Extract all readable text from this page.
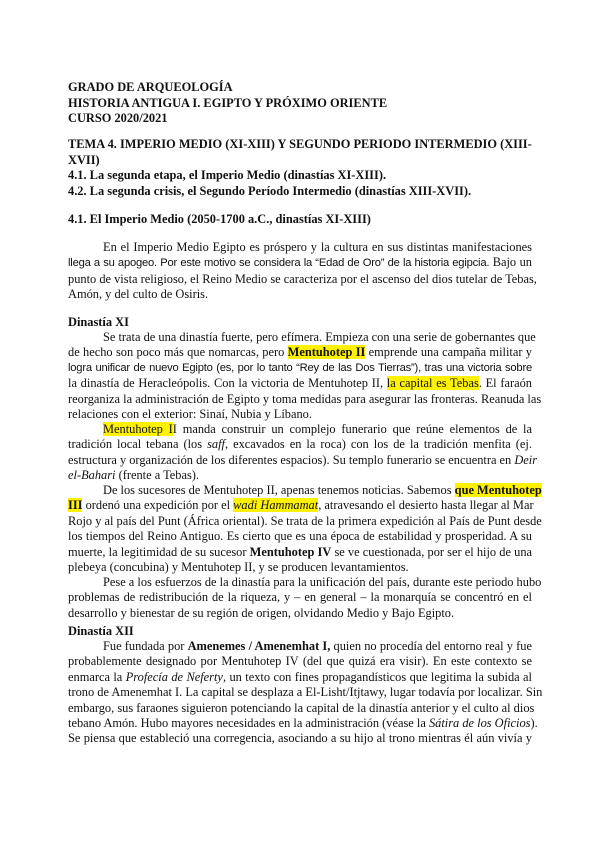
GRADO DE ARQUEOLOGÍA
HISTORIA ANTIGUA I. EGIPTO Y PRÓXIMO ORIENTE
CURSO 2020/2021
TEMA 4. IMPERIO MEDIO (XI-XIII) Y SEGUNDO PERIODO INTERMEDIO (XIII-XVII)
4.1. La segunda etapa, el Imperio Medio (dinastías XI-XIII).
4.2. La segunda crisis, el Segundo Período Intermedio (dinastías XIII-XVII).
4.1. El Imperio Medio (2050-1700 a.C., dinastías XI-XIII)
En el Imperio Medio Egipto es próspero y la cultura en sus distintas manifestaciones
llega a su apogeo. Por este motivo se considera la “Edad de Oro” de la historia egipcia. Bajo un
punto de vista religioso, el Reino Medio se caracteriza por el ascenso del dios tutelar de Tebas,
Amón, y del culto de Osiris.
Dinastía XI
Se trata de una dinastía fuerte, pero efímera. Empieza con una serie de gobernantes que
de hecho son poco más que nomarcas, pero Mentuhotep II emprende una campaña militar y
logra unificar de nuevo Egipto (es, por lo tanto “Rey de las Dos Tierras”), tras una victoria sobre
la dinastía de Heracleópolis. Con la victoria de Mentuhotep II, la capital es Tebas. El faraón
reorganiza la administración de Egipto y toma medidas para asegurar las fronteras. Reanuda las
relaciones con el exterior: Sinaí, Nubia y Líbano.
Mentuhotep II manda construir un complejo funerario que reúne elementos de la
tradición local tebana (los saff, excavados en la roca) con los de la tradición menfita (ej.
estructura y organización de los diferentes espacios). Su templo funerario se encuentra en Deir
el-Bahari (frente a Tebas).
De los sucesores de Mentuhotep II, apenas tenemos noticias. Sabemos que Mentuhotep
III ordenó una expedición por el wadi Hammamat, atravesando el desierto hasta llegar al Mar
Rojo y al país del Punt (África oriental). Se trata de la primera expedición al País de Punt desde
los tiempos del Reino Antiguo. Es cierto que es una época de estabilidad y prosperidad. A su
muerte, la legitimidad de su sucesor Mentuhotep IV se ve cuestionada, por ser el hijo de una
plebeya (concubina) y Mentuhotep II, y se producen levantamientos.
Pese a los esfuerzos de la dinastía para la unificación del país, durante este periodo hubo
problemas de redistribución de la riqueza, y – en general – la monarquía se concentró en el
desarrollo y bienestar de su región de origen, olvidando Medio y Bajo Egipto.
Dinastía XII
Fue fundada por Amenemes / Amenemhat I, quien no procedía del entorno real y fue
probablemente designado por Mentuhotep IV (del que quizá era visir). En este contexto se
enmarca la Profecía de Neferty, un texto con fines propagandísticos que legitima la subida al
trono de Amenemhat I. La capital se desplaza a El-Lisht/Itjtawy, lugar todavía por localizar. Sin
embargo, sus faraones siguieron potenciando la capital de la dinastía anterior y el culto al dios
tebano Amón. Hubo mayores necesidades en la administración (véase la Sátira de los Oficios).
Se piensa que estableció una corregencia, asociando a su hijo al trono mientras él aún vivía y
